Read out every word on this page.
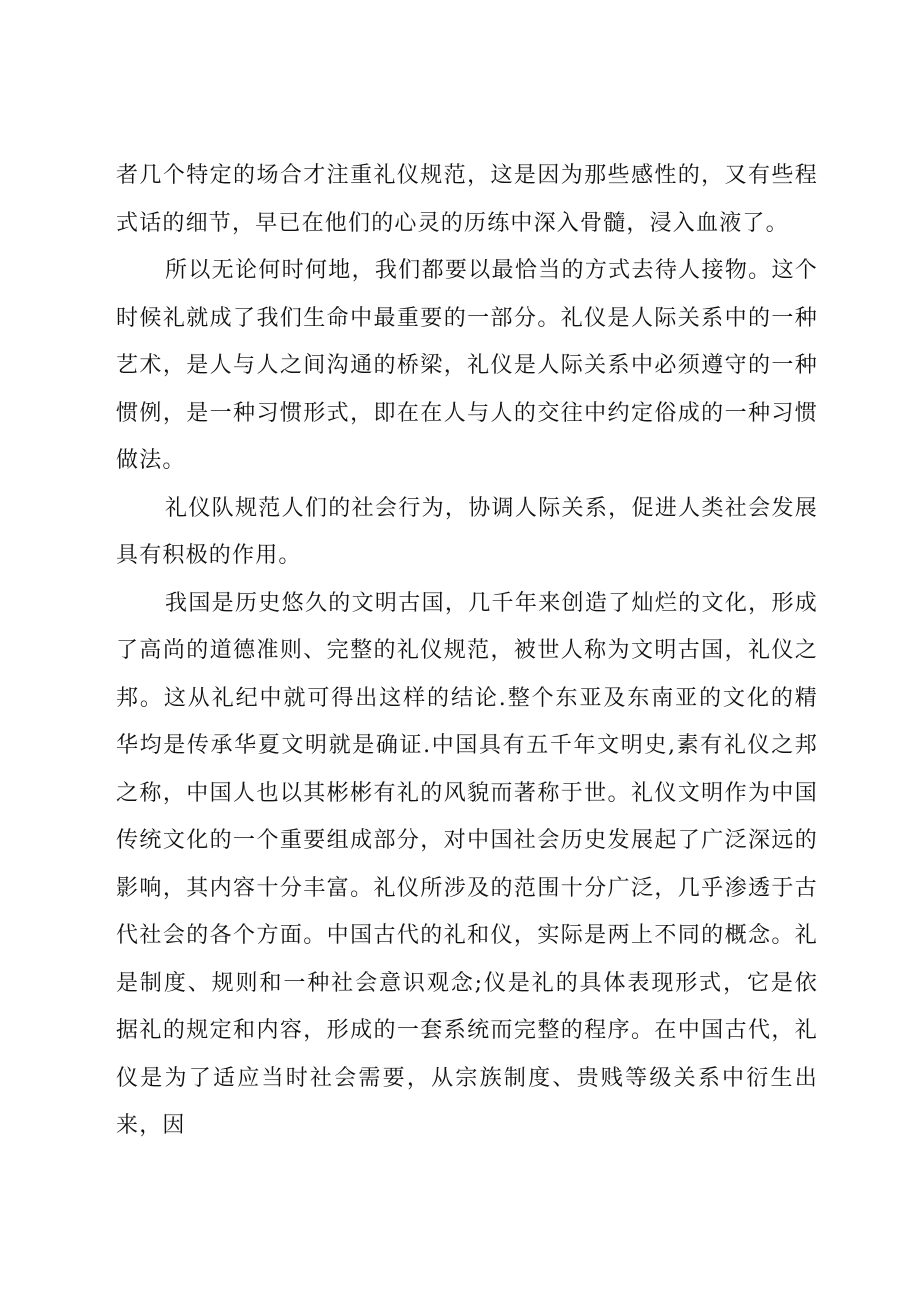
者几个特定的场合才注重礼仪规范，这是因为那些感性的，又有些程式话的细节，早已在他们的心灵的历练中深入骨髓，浸入血液了。

所以无论何时何地，我们都要以最恰当的方式去待人接物。这个时候礼就成了我们生命中最重要的一部分。礼仪是人际关系中的一种艺术，是人与人之间沟通的桥梁，礼仪是人际关系中必须遵守的一种惯例，是一种习惯形式，即在在人与人的交往中约定俗成的一种习惯做法。

礼仪队规范人们的社会行为，协调人际关系，促进人类社会发展具有积极的作用。

我国是历史悠久的文明古国，几千年来创造了灿烂的文化，形成了高尚的道德准则、完整的礼仪规范，被世人称为文明古国，礼仪之邦。这从礼纪中就可得出这样的结论.整个东亚及东南亚的文化的精华均是传承华夏文明就是确证.中国具有五千年文明史,素有礼仪之邦之称，中国人也以其彬彬有礼的风貌而著称于世。礼仪文明作为中国传统文化的一个重要组成部分，对中国社会历史发展起了广泛深远的影响，其内容十分丰富。礼仪所涉及的范围十分广泛，几乎渗透于古代社会的各个方面。中国古代的礼和仪，实际是两上不同的概念。礼是制度、规则和一种社会意识观念;仪是礼的具体表现形式，它是依据礼的规定和内容，形成的一套系统而完整的程序。在中国古代，礼仪是为了适应当时社会需要，从宗族制度、贵贱等级关系中衍生出来，因
